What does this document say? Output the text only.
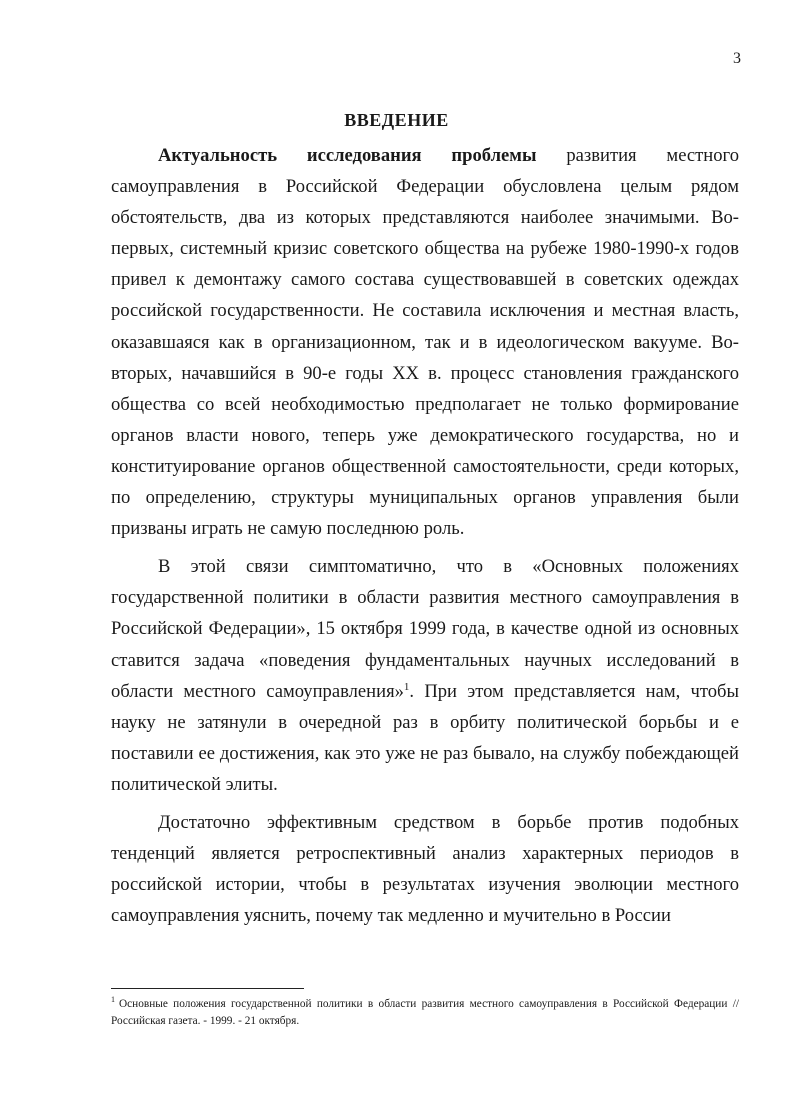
3
ВВЕДЕНИЕ

Актуальность исследования проблемы развития местного самоуправления в Российской Федерации обусловлена целым рядом обстоятельств, два из которых представляются наиболее значимыми. Во-первых, системный кризис советского общества на рубеже 1980-1990-х годов привел к демонтажу самого состава существовавшей в советских одеждах российской государственности. Не составила исключения и местная власть, оказавшаяся как в организационном, так и в идеологическом вакууме. Во-вторых, начавшийся в 90-е годы XX в. процесс становления гражданского общества со всей необходимостью предполагает не только формирование органов власти нового, теперь уже демократического государства, но и конституирование органов общественной самостоятельности, среди которых, по определению, структуры муниципальных органов управления были призваны играть не самую последнюю роль.

В этой связи симптоматично, что в «Основных положениях государственной политики в области развития местного самоуправления в Российской Федерации», 15 октября 1999 года, в качестве одной из основных ставится задача «поведения фундаментальных научных исследований в области местного самоуправления»$^1$. При этом представляется нам, чтобы науку не затянули в очередной раз в орбиту политической борьбы и е поставили ее достижения, как это уже не раз бывало, на службу побеждающей политической элиты.

Достаточно эффективным средством в борьбе против подобных тенденций является ретроспективный анализ характерных периодов в российской истории, чтобы в результатах изучения эволюции местного самоуправления уяснить, почему так медленно и мучительно в России

$^1$ Основные положения государственной политики в области развития местного самоуправления в Российской Федерации // Российская газета. - 1999. - 21 октября.
